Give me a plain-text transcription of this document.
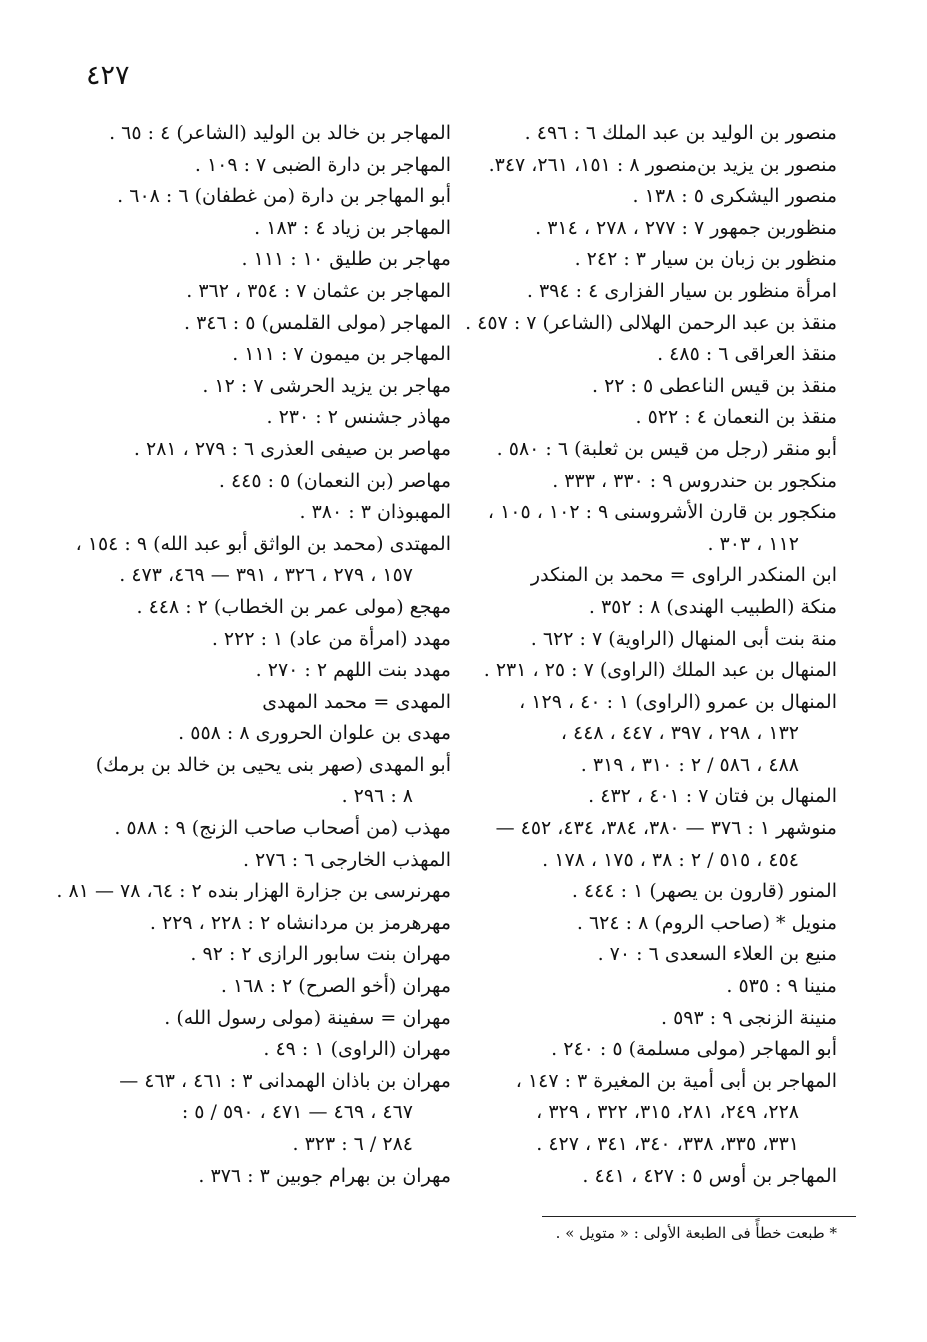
٤٢٧
منصور بن الوليد بن عبد الملك ٦ : ٤٩٦ .
منصور بن يزيد بن‌منصور ٨ : ١٥١، ٢٦١، ٣٤٧.
منصور اليشكرى ٥ : ١٣٨ .
منظوربن جمهور ٧ : ٢٧٧ ، ٢٧٨ ، ٣١٤ .
منظور بن زبان بن سيار ٣ : ٢٤٢ .
امرأة منظور بن سيار الفزارى ٤ : ٣٩٤ .
منقذ بن عبد الرحمن الهلالى (الشاعر) ٧ : ٤٥٧ .
منقذ العراقى ٦ : ٤٨٥ .
منقذ بن قيس الناعطى ٥ : ٢٢ .
منقذ بن النعمان ٤ : ٥٢٢ .
أبو منقر (رجل من قيس بن ثعلبة) ٦ : ٥٨٠ .
منكجور بن حندروس ٩ : ٣٣٠ ، ٣٣٣ .
منكجور بن قارن الأشروسنى ٩ : ١٠٢ ، ١٠٥ ،
١١٢ ، ٣٠٣ .
ابن المنكدر الراوى = محمد بن المنكدر
منكة (الطبيب الهندى) ٨ : ٣٥٢ .
منة بنت أبى المنهال (الراوية) ٧ : ٦٢٢ .
المنهال بن عبد الملك (الراوى) ٧ : ٢٥ ، ٢٣١ .
المنهال بن عمرو (الراوى) ١ : ٤٠ ، ١٢٩ ،
١٣٢ ، ٢٩٨ ، ٣٩٧ ، ٤٤٧ ، ٤٤٨ ،
٤٨٨ ، ٥٨٦ / ٢ : ٣١٠ ، ٣١٩ .
المنهال بن فتان ٧ : ٤٠١ ، ٤٣٢ .
منوشهر ١ : ٣٧٦ — ٣٨٠، ٣٨٤، ٤٣٤، ٤٥٢ —
٤٥٤ ، ٥١٥ / ٢ : ٣٨ ، ١٧٥ ، ١٧٨ .
المنور (قارون بن يصهر) ١ : ٤٤٤ .
منويل * (صاحب الروم) ٨ : ٦٢٤ .
منيع بن العلاء السعدى ٦ : ٧٠ .
منينا ٩ : ٥٣٥ .
منينة الزنجى ٩ : ٥٩٣ .
أبو المهاجر (مولى مسلمة) ٥ : ٢٤٠ .
المهاجر بن أبى أمية بن المغيرة ٣ : ١٤٧ ،
٢٢٨، ٢٤٩، ٢٨١، ٣١٥، ٣٢٢ ، ٣٢٩ ،
٣٣١، ٣٣٥، ٣٣٨، ٣٤٠، ٣٤١ ، ٤٢٧ .
المهاجر بن أوس ٥ : ٤٢٧ ، ٤٤١ .
المهاجر بن خالد بن الوليد (الشاعر) ٤ : ٦٥ .
المهاجر بن دارة الضبى ٧ : ١٠٩ .
أبو المهاجر بن دارة (من غطفان) ٦ : ٦٠٨ .
المهاجر بن زياد ٤ : ١٨٣ .
مهاجر بن طليق ١٠ : ١١١ .
المهاجر بن عثمان ٧ : ٣٥٤ ، ٣٦٢ .
المهاجر (مولى القلمس) ٥ : ٣٤٦ .
المهاجر بن ميمون ٧ : ١١١ .
مهاجر بن يزيد الحرشى ٧ : ١٢ .
مهاذر جشنس ٢ : ٢٣٠ .
مهاصر بن صيفى العذرى ٦ : ٢٧٩ ، ٢٨١ .
مهاصر (بن النعمان) ٥ : ٤٤٥ .
المهبوذان ٣ : ٣٨٠ .
المهتدى (محمد بن الواثق أبو عبد الله) ٩ : ١٥٤ ،
١٥٧ ، ٢٧٩ ، ٣٢٦ ، ٣٩١ — ٤٦٩، ٤٧٣ .
مهجع (مولى عمر بن الخطاب) ٢ : ٤٤٨ .
مهدد (امرأة من عاد) ١ : ٢٢٢ .
مهدد بنت اللهم ٢ : ٢٧٠ .
المهدى = محمد المهدى
مهدى بن علوان الحرورى ٨ : ٥٥٨ .
أبو المهدى (صهر بنى يحيى بن خالد بن برمك)
٨ : ٢٩٦ .
مهذب (من أصحاب صاحب الزنج) ٩ : ٥٨٨ .
المهذب الخارجى ٦ : ٢٧٦ .
مهرنرسى بن جزارة الهزار بنده ٢ : ٦٤، ٧٨ — ٨١ .
مهرهرمز بن مردانشاه ٢ : ٢٢٨ ، ٢٢٩ .
مهران بنت سابور الرازى ٢ : ٩٢ .
مهران (أخو الصرح) ٢ : ١٦٨ .
مهران = سفينة (مولى رسول الله) .
مهران (الراوى) ١ : ٤٩ .
مهران بن باذان الهمدانى ٣ : ٤٦١ ، ٤٦٣ —
٤٦٧ ، ٤٦٩ — ٤٧١ ، ٥٩٠ / ٥ :
٢٨٤ / ٦ : ٣٢٣ .
مهران بن بهرام جوبين ٣ : ٣٧٦ .
* طبعت خطأً فى الطبعة الأولى : « متويل » .
